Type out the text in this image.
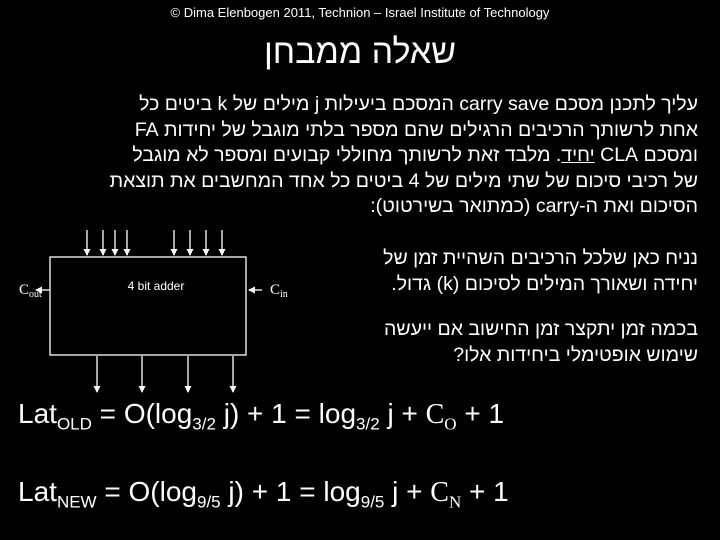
© Dima Elenbogen 2011, Technion – Israel Institute of Technology
שאלה ממבחן
עליך לתכנן מסכם carry save המסכם ביעילות j מילים של k ביטים כל
אחת לרשותך הרכיבים הרגילים שהם מספר בלתי מוגבל של יחידות FA
ומסכם CLA יחיד. מלבד זאת לרשותך מחוללי קבועים ומספר לא מוגבל
של רכיבי סיכום של שתי מילים של 4 ביטים כל אחד המחשבים את תוצאת
הסיכום ואת ה-carry (כמתואר בשירטוט):
נניח כאן שלכל הרכיבים השהיית זמן של
יחידה ושאורך המילים לסיכום (k) גדול.
בכמה זמן יתקצר זמן החישוב אם ייעשה
שימוש אופטימלי ביחידות אלו?
4 bit adder
$C_{out}$	$C_{in}$
$Lat_{OLD} = O(\log_{3/2}$ $j) + 1 = \log_{3/2} j + C_O + 1$
$Lat_{NEW} = O(\log_{9/5}$ $j) + 1 = \log_{9/5} j + C_N + 1$
